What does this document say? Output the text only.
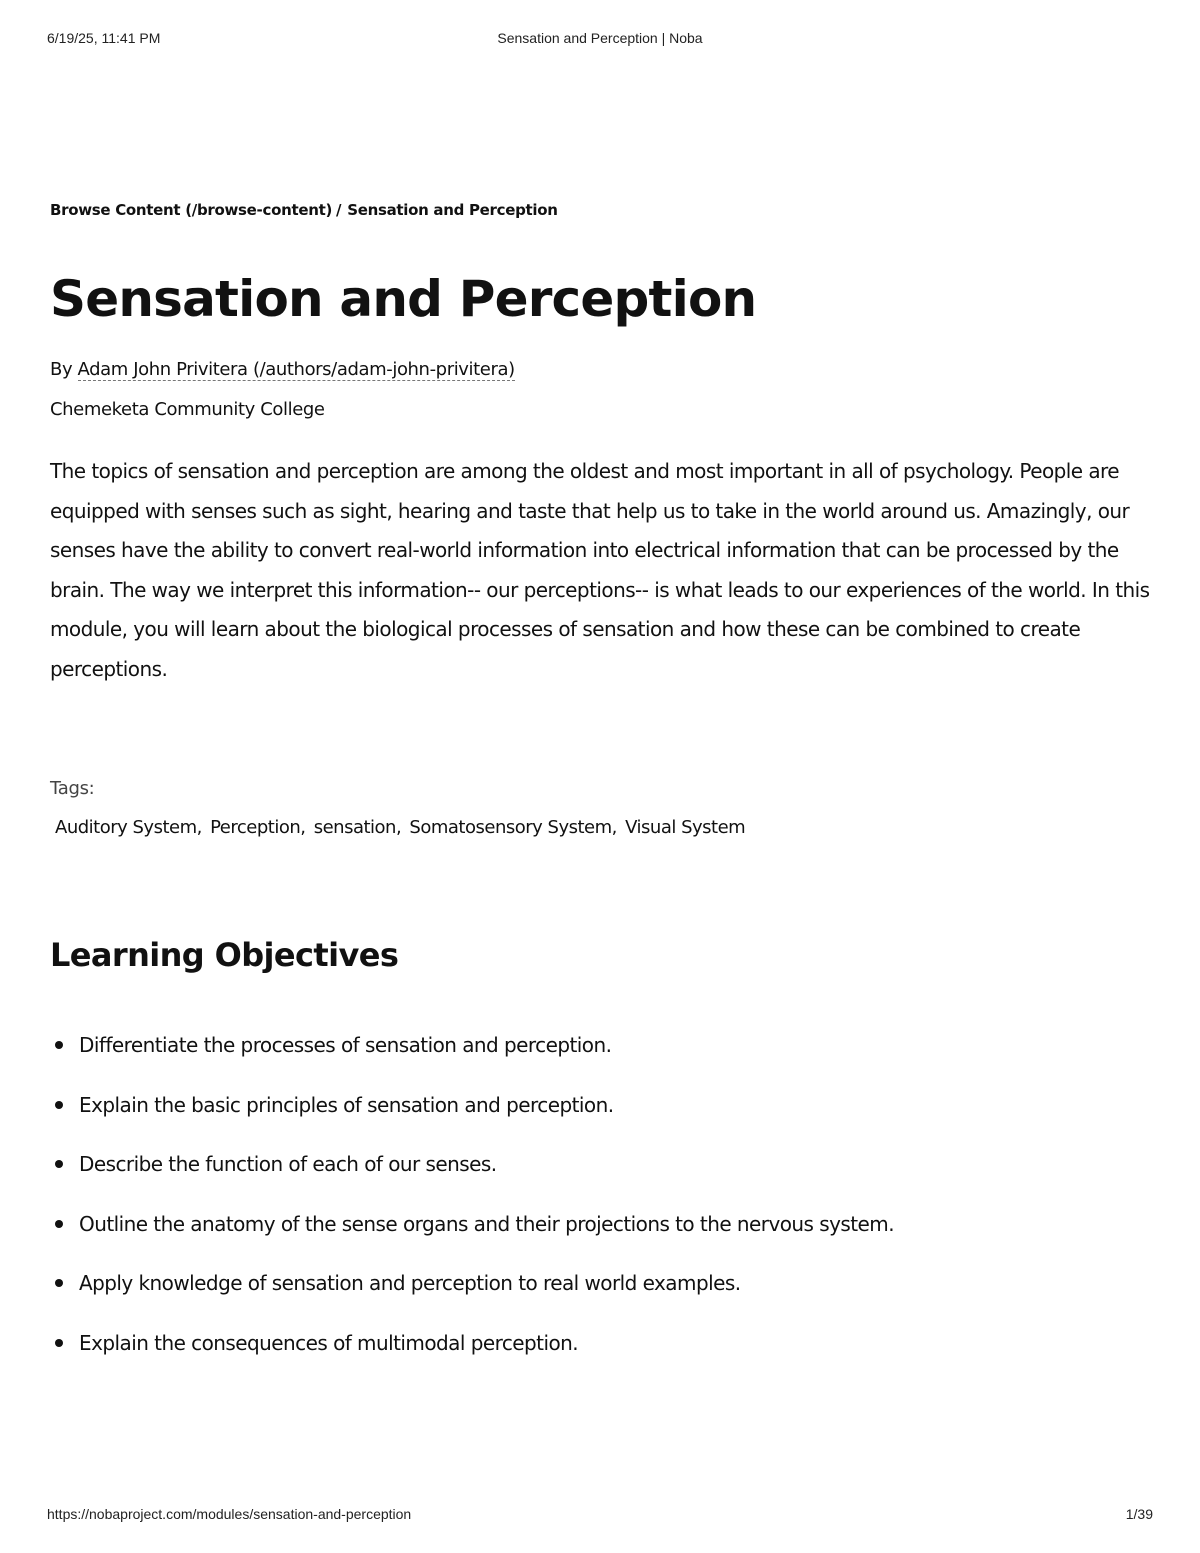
6/19/25, 11:41 PM	Sensation and Perception | Noba
Browse Content (/browse-content) / Sensation and Perception
Sensation and Perception
By Adam John Privitera (/authors/adam-john-privitera)
Chemeketa Community College

The topics of sensation and perception are among the oldest and most important in all of psychology. People are equipped with senses such as sight, hearing and taste that help us to take in the world around us. Amazingly, our senses have the ability to convert real-world information into electrical information that can be processed by the brain. The way we interpret this information-- our perceptions-- is what leads to our experiences of the world. In this module, you will learn about the biological processes of sensation and how these can be combined to create perceptions.

Tags:
Auditory System, Perception, sensation, Somatosensory System, Visual System
Learning Objectives
Differentiate the processes of sensation and perception.
Explain the basic principles of sensation and perception.
Describe the function of each of our senses.
Outline the anatomy of the sense organs and their projections to the nervous system.
Apply knowledge of sensation and perception to real world examples.
Explain the consequences of multimodal perception.
https://nobaproject.com/modules/sensation-and-perception	1/39
